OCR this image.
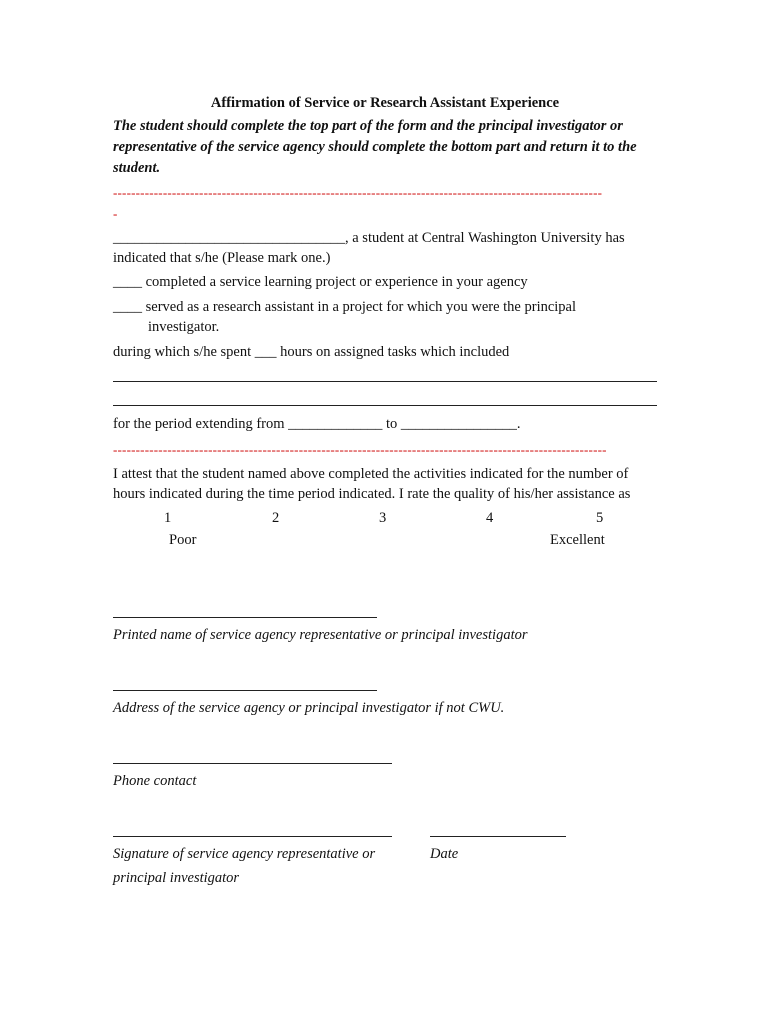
Affirmation of Service or Research Assistant Experience
The student should complete the top part of the form and the principal investigator or representative of the service agency should complete the bottom part and return it to the student.
------------------------------------------------------------------------------------------------------------
-
________________________________, a student at Central Washington University has
indicated that s/he (Please mark one.)
____ completed a service learning project or experience in your agency
____ served as a research assistant in a project for which you were the principal
investigator.
during which s/he spent ___ hours on assigned tasks which included
for the period extending from _____________ to ________________.
-------------------------------------------------------------------------------------------------------------
I attest that the student named above completed the activities indicated for the number of
hours indicated during the time period indicated. I rate the quality of his/her assistance as
1	2	3	4	5
Poor	Excellent
Printed name of service agency representative or principal investigator
Address of the service agency or principal investigator if not CWU.
Phone contact
Signature of service agency representative or
principal investigator
Date
